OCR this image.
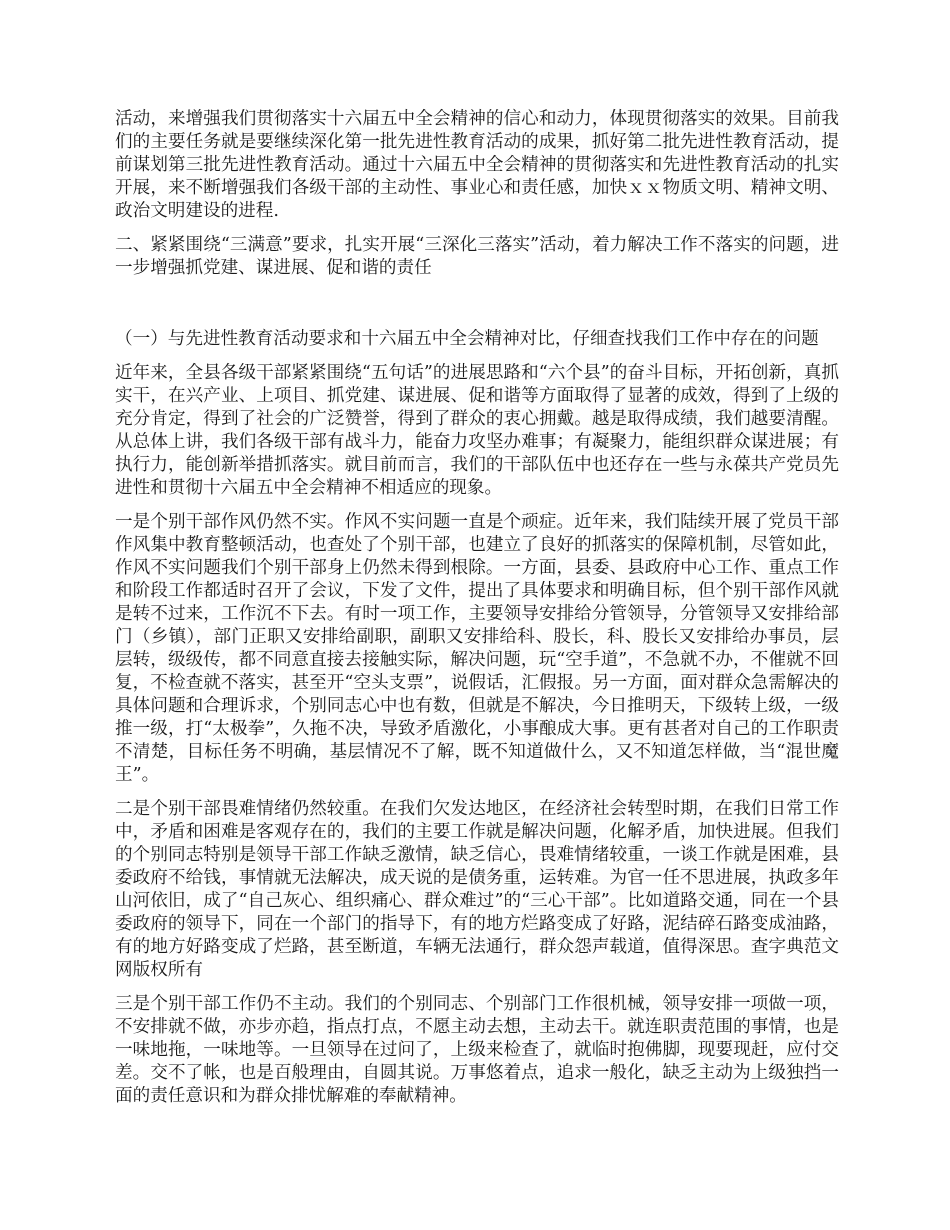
活动，来增强我们贯彻落实十六届五中全会精神的信心和动力，体现贯彻落实的效果。目前我们的主要任务就是要继续深化第一批先进性教育活动的成果，抓好第二批先进性教育活动，提前谋划第三批先进性教育活动。通过十六届五中全会精神的贯彻落实和先进性教育活动的扎实开展，来不断增强我们各级干部的主动性、事业心和责任感，加快ｘｘ物质文明、精神文明、政治文明建设的进程.

二、紧紧围绕“三满意”要求，扎实开展“三深化三落实”活动，着力解决工作不落实的问题，进一步增强抓党建、谋进展、促和谐的责任

（一）与先进性教育活动要求和十六届五中全会精神对比，仔细查找我们工作中存在的问题

近年来，全县各级干部紧紧围绕“五句话”的进展思路和“六个县”的奋斗目标，开拓创新，真抓实干，在兴产业、上项目、抓党建、谋进展、促和谐等方面取得了显著的成效，得到了上级的充分肯定，得到了社会的广泛赞誉，得到了群众的衷心拥戴。越是取得成绩，我们越要清醒。从总体上讲，我们各级干部有战斗力，能奋力攻坚办难事；有凝聚力，能组织群众谋进展；有执行力，能创新举措抓落实。就目前而言，我们的干部队伍中也还存在一些与永葆共产党员先进性和贯彻十六届五中全会精神不相适应的现象。

一是个别干部作风仍然不实。作风不实问题一直是个顽症。近年来，我们陆续开展了党员干部作风集中教育整顿活动，也查处了个别干部，也建立了良好的抓落实的保障机制，尽管如此，作风不实问题我们个别干部身上仍然未得到根除。一方面，县委、县政府中心工作、重点工作和阶段工作都适时召开了会议，下发了文件，提出了具体要求和明确目标，但个别干部作风就是转不过来，工作沉不下去。有时一项工作，主要领导安排给分管领导，分管领导又安排给部门（乡镇），部门正职又安排给副职，副职又安排给科、股长，科、股长又安排给办事员，层层转，级级传，都不同意直接去接触实际，解决问题，玩“空手道”，不急就不办，不催就不回复，不检查就不落实，甚至开“空头支票”，说假话，汇假报。另一方面，面对群众急需解决的具体问题和合理诉求，个别同志心中也有数，但就是不解决，今日推明天，下级转上级，一级推一级，打“太极拳”，久拖不决，导致矛盾激化，小事酿成大事。更有甚者对自己的工作职责不清楚，目标任务不明确，基层情况不了解，既不知道做什么，又不知道怎样做，当“混世魔王”。

二是个别干部畏难情绪仍然较重。在我们欠发达地区，在经济社会转型时期，在我们日常工作中，矛盾和困难是客观存在的，我们的主要工作就是解决问题，化解矛盾，加快进展。但我们的个别同志特别是领导干部工作缺乏激情，缺乏信心，畏难情绪较重，一谈工作就是困难，县委政府不给钱，事情就无法解决，成天说的是债务重，运转难。为官一任不思进展，执政多年山河依旧，成了“自己灰心、组织痛心、群众难过”的“三心干部”。比如道路交通，同在一个县委政府的领导下，同在一个部门的指导下，有的地方烂路变成了好路，泥结碎石路变成油路，有的地方好路变成了烂路，甚至断道，车辆无法通行，群众怨声载道，值得深思。查字典范文网版权所有

三是个别干部工作仍不主动。我们的个别同志、个别部门工作很机械，领导安排一项做一项，不安排就不做，亦步亦趋，指点打点，不愿主动去想，主动去干。就连职责范围的事情，也是一味地拖，一味地等。一旦领导在过问了，上级来检查了，就临时抱佛脚，现要现赶，应付交差。交不了帐，也是百般理由，自圆其说。万事悠着点，追求一般化，缺乏主动为上级独挡一面的责任意识和为群众排忧解难的奉献精神。
